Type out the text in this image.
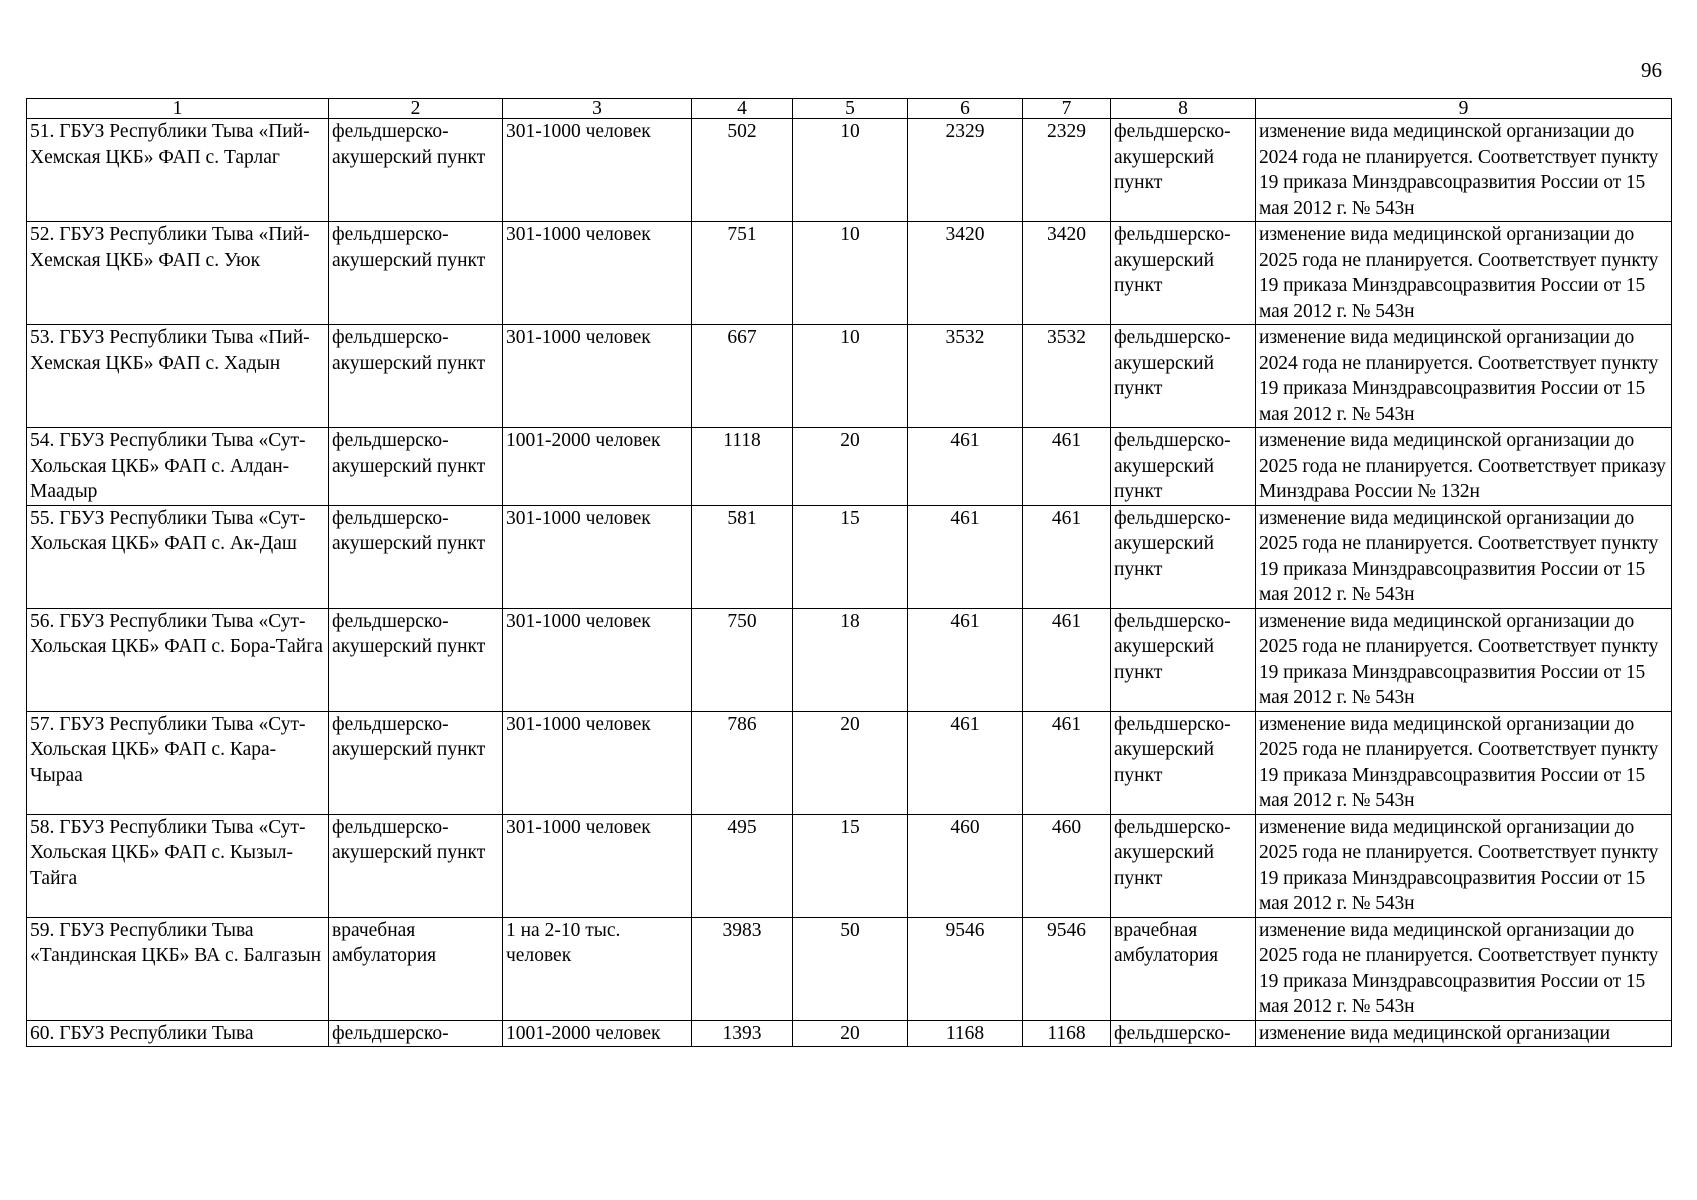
96
1	2	3	4	5	6	7	8	9
51. ГБУЗ Республики Тыва «Пий-Хемская ЦКБ» ФАП с. Тарлаг	фельдшерско-акушерский пункт	301-1000 человек	502	10	2329	2329	фельдшерско-акушерский пункт	изменение вида медицинской организации до 2024 года не планируется. Соответствует пункту 19 приказа Минздравсоцразвития России от 15 мая 2012 г. № 543н
52. ГБУЗ Республики Тыва «Пий-Хемская ЦКБ» ФАП с. Уюк	фельдшерско-акушерский пункт	301-1000 человек	751	10	3420	3420	фельдшерско-акушерский пункт	изменение вида медицинской организации до 2025 года не планируется. Соответствует пункту 19 приказа Минздравсоцразвития России от 15 мая 2012 г. № 543н
53. ГБУЗ Республики Тыва «Пий-Хемская ЦКБ» ФАП с. Хадын	фельдшерско-акушерский пункт	301-1000 человек	667	10	3532	3532	фельдшерско-акушерский пункт	изменение вида медицинской организации до 2024 года не планируется. Соответствует пункту 19 приказа Минздравсоцразвития России от 15 мая 2012 г. № 543н
54. ГБУЗ Республики Тыва «Сут-Хольская ЦКБ» ФАП с. Алдан-Маадыр	фельдшерско-акушерский пункт	1001-2000 человек	1118	20	461	461	фельдшерско-акушерский пункт	изменение вида медицинской организации до 2025 года не планируется. Соответствует приказу Минздрава России № 132н
55. ГБУЗ Республики Тыва «Сут-Хольская ЦКБ» ФАП с. Ак-Даш	фельдшерско-акушерский пункт	301-1000 человек	581	15	461	461	фельдшерско-акушерский пункт	изменение вида медицинской организации до 2025 года не планируется. Соответствует пункту 19 приказа Минздравсоцразвития России от 15 мая 2012 г. № 543н
56. ГБУЗ Республики Тыва «Сут-Хольская ЦКБ» ФАП с. Бора-Тайга	фельдшерско-акушерский пункт	301-1000 человек	750	18	461	461	фельдшерско-акушерский пункт	изменение вида медицинской организации до 2025 года не планируется. Соответствует пункту 19 приказа Минздравсоцразвития России от 15 мая 2012 г. № 543н
57. ГБУЗ Республики Тыва «Сут-Хольская ЦКБ» ФАП с. Кара-Чыраа	фельдшерско-акушерский пункт	301-1000 человек	786	20	461	461	фельдшерско-акушерский пункт	изменение вида медицинской организации до 2025 года не планируется. Соответствует пункту 19 приказа Минздравсоцразвития России от 15 мая 2012 г. № 543н
58. ГБУЗ Республики Тыва «Сут-Хольская ЦКБ» ФАП с. Кызыл-Тайга	фельдшерско-акушерский пункт	301-1000 человек	495	15	460	460	фельдшерско-акушерский пункт	изменение вида медицинской организации до 2025 года не планируется. Соответствует пункту 19 приказа Минздравсоцразвития России от 15 мая 2012 г. № 543н
59. ГБУЗ Республики Тыва «Тандинская ЦКБ» ВА с. Балгазын	врачебная амбулатория	1 на 2-10 тыс. человек	3983	50	9546	9546	врачебная амбулатория	изменение вида медицинской организации до 2025 года не планируется. Соответствует пункту 19 приказа Минздравсоцразвития России от 15 мая 2012 г. № 543н
60. ГБУЗ Республики Тыва	фельдшерско-	1001-2000 человек	1393	20	1168	1168	фельдшерско-	изменение вида медицинской организации
